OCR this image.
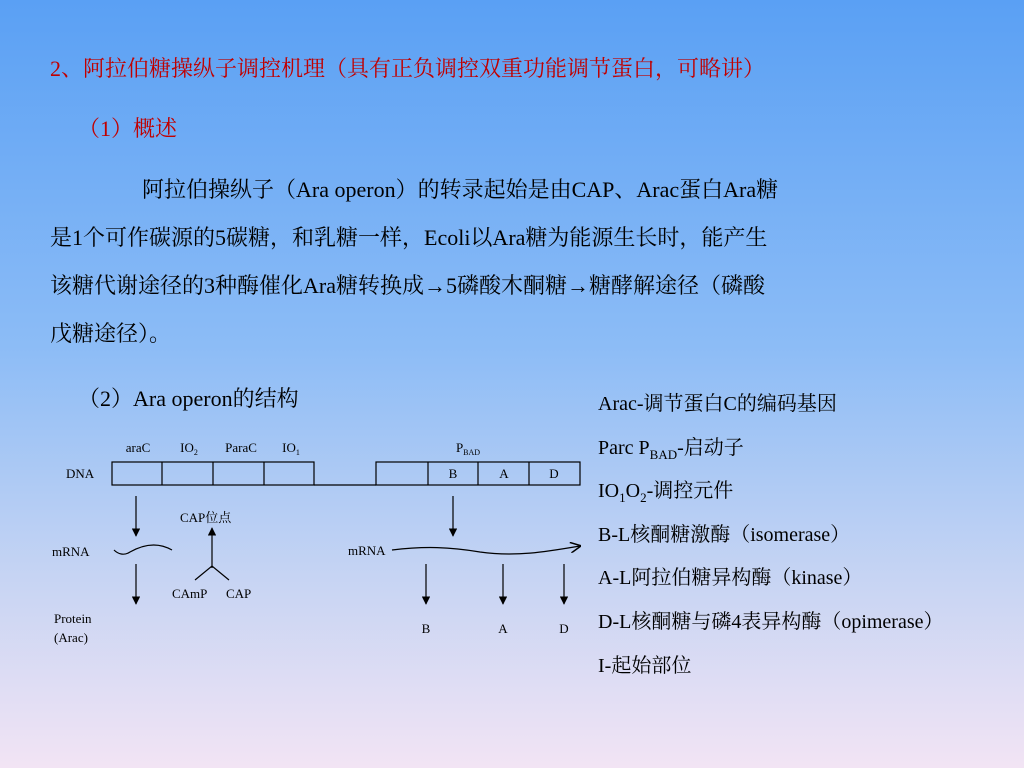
2、阿拉伯糖操纵子调控机理（具有正负调控双重功能调节蛋白，可略讲）

（1）概述

阿拉伯操纵子（Ara operon）的转录起始是由CAP、Arac蛋白Ara糖
是1个可作碳源的5碳糖，和乳糖一样，Ecoli以Ara糖为能源生长时，能产生
该糖代谢途径的3种酶催化Ara糖转换成→5磷酸木酮糖→糖酵解途径（磷酸
戊糖途径）。

（2）Ara operon的结构	Arac-调节蛋白C的编码基因
Parc $P_{BAD}-$启动子
$IO_1O_2-$调控元件
B-L核酮糖激酶（isomerase）
A-L阿拉伯糖异构酶（kinase）
D-L核酮糖与磷4表异构酶（opimerase）
I-起始部位
araC $IO_2$ ParaC $IO_1$	$P_{BAD}$
DNA	B	A	D
mRNA
Protein
(Arac)
CAP位点
CAmP CAP
mRNA
B	A	D
